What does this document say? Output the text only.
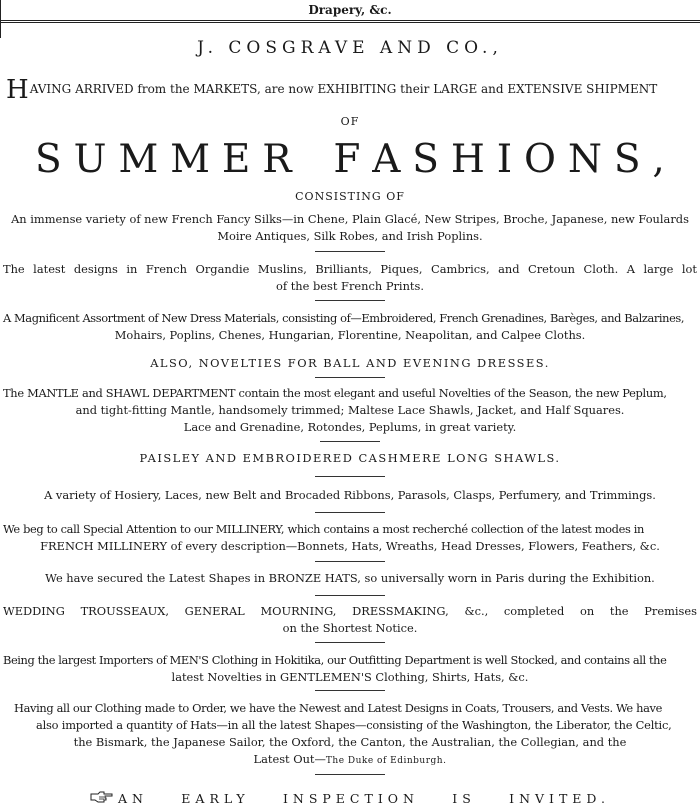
Drapery, &c.
J. COSGRAVE AND CO.,
HAVING ARRIVED from the MARKETS, are now EXHIBITING their LARGE and EXTENSIVE SHIPMENT
OF
S U M M E R F A S H I O N S ,
CONSISTING OF
An immense variety of new French Fancy Silks—in Chene, Plain Glacé, New Stripes, Broche, Japanese, new Foulards
Moire Antiques, Silk Robes, and Irish Poplins.
The latest designs in French Organdie Muslins, Brilliants, Piques, Cambrics, and Cretoun Cloth. A large lot
of the best French Prints.
A Magnificent Assortment of New Dress Materials, consisting of—Embroidered, French Grenadines, Barèges, and Balzarines,
Mohairs, Poplins, Chenes, Hungarian, Florentine, Neapolitan, and Calpee Cloths.
ALSO, NOVELTIES FOR BALL AND EVENING DRESSES.
The MANTLE and SHAWL DEPARTMENT contain the most elegant and useful Novelties of the Season, the new Peplum,
and tight-fitting Mantle, handsomely trimmed; Maltese Lace Shawls, Jacket, and Half Squares.
Lace and Grenadine, Rotondes, Peplums, in great variety.
PAISLEY AND EMBROIDERED CASHMERE LONG SHAWLS.
A variety of Hosiery, Laces, new Belt and Brocaded Ribbons, Parasols, Clasps, Perfumery, and Trimmings.
We beg to call Special Attention to our MILLINERY, which contains a most recherché collection of the latest modes in
FRENCH MILLINERY of every description—Bonnets, Hats, Wreaths, Head Dresses, Flowers, Feathers, &c.
We have secured the Latest Shapes in BRONZE HATS, so universally worn in Paris during the Exhibition.
WEDDING TROUSSEAUX, GENERAL MOURNING, DRESSMAKING, &c., completed on the Premises
on the Shortest Notice.
Being the largest Importers of MEN'S Clothing in Hokitika, our Outfitting Department is well Stocked, and contains all the
latest Novelties in GENTLEMEN'S Clothing, Shirts, Hats, &c.
Having all our Clothing made to Order, we have the Newest and Latest Designs in Coats, Trousers, and Vests. We have
also imported a quantity of Hats—in all the latest Shapes—consisting of the Washington, the Liberator, the Celtic,
the Bismark, the Japanese Sailor, the Oxford, the Canton, the Australian, the Collegian, and the
Latest Out—The Duke of Edinburgh.
AN	EARLY	INSPECTION	IS	INVITED.
